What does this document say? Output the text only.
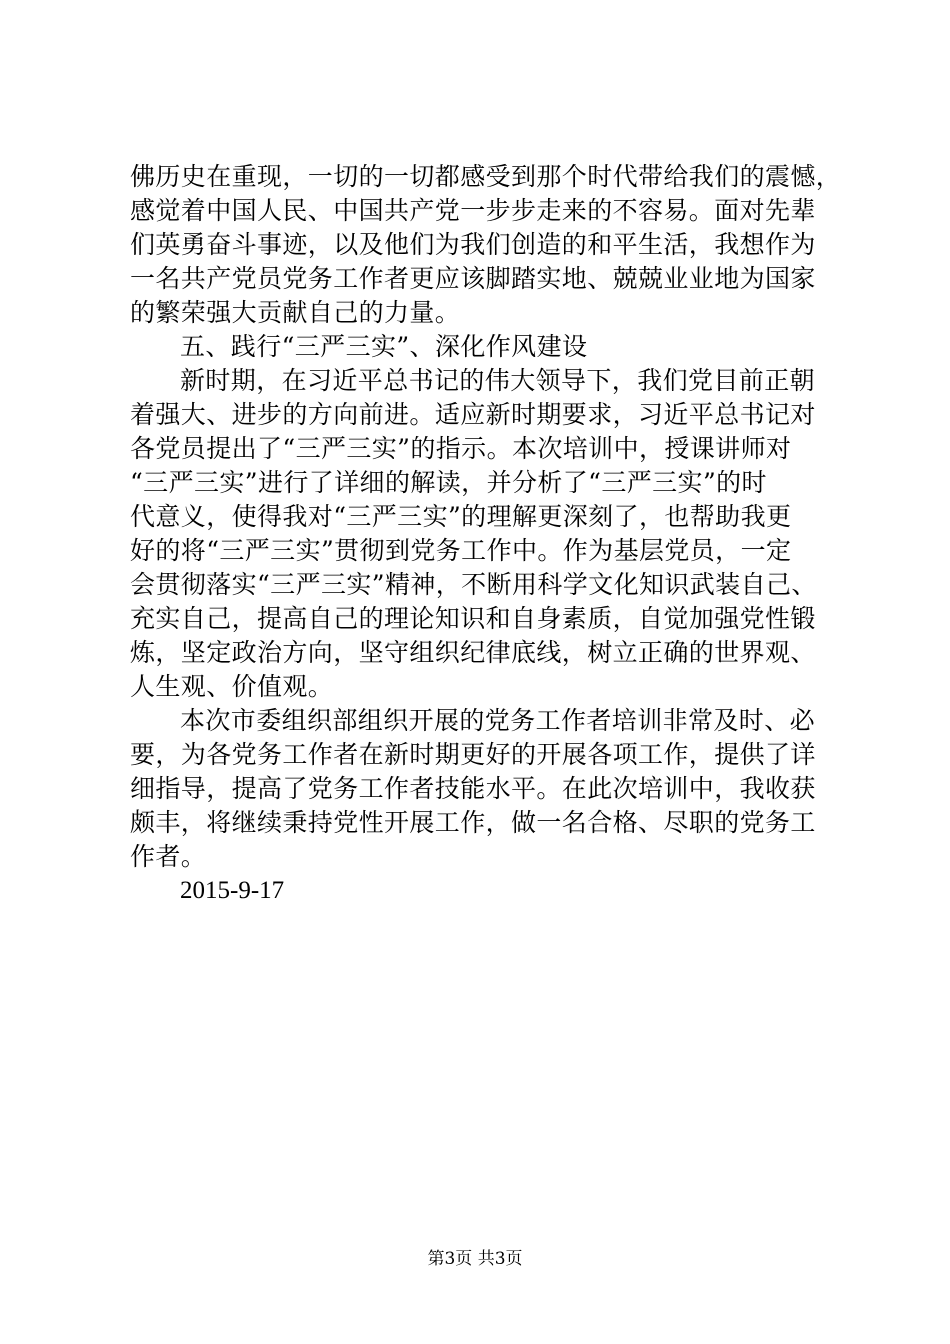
佛历史在重现，一切的一切都感受到那个时代带给我们的震憾，
感觉着中国人民、中国共产党一步步走来的不容易。面对先辈
们英勇奋斗事迹，以及他们为我们创造的和平生活，我想作为
一名共产党员党务工作者更应该脚踏实地、兢兢业业地为国家
的繁荣强大贡献自己的力量。
五、践行“三严三实”、深化作风建设
新时期，在习近平总书记的伟大领导下，我们党目前正朝
着强大、进步的方向前进。适应新时期要求，习近平总书记对
各党员提出了“三严三实”的指示。本次培训中，授课讲师对
“三严三实”进行了详细的解读，并分析了“三严三实”的时
代意义，使得我对“三严三实”的理解更深刻了，也帮助我更
好的将“三严三实”贯彻到党务工作中。作为基层党员，一定
会贯彻落实“三严三实”精神，不断用科学文化知识武装自己、
充实自己，提高自己的理论知识和自身素质，自觉加强党性锻
炼，坚定政治方向，坚守组织纪律底线，树立正确的世界观、
人生观、价值观。
本次市委组织部组织开展的党务工作者培训非常及时、必
要，为各党务工作者在新时期更好的开展各项工作，提供了详
细指导，提高了党务工作者技能水平。在此次培训中，我收获
颇丰，将继续秉持党性开展工作，做一名合格、尽职的党务工
作者。
2015-9-17
第3页 共3页
